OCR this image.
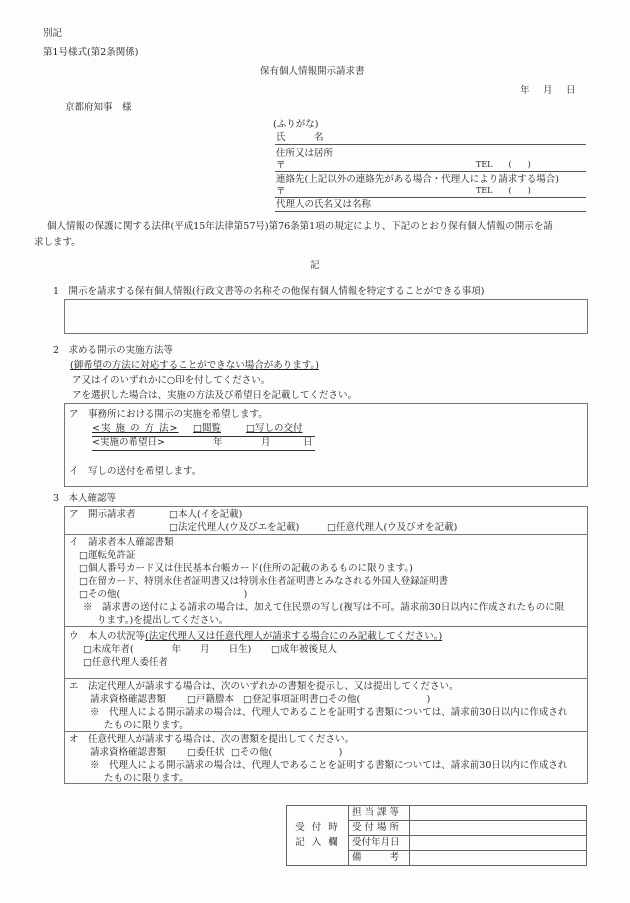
別記
第1号様式(第2条関係)
保有個人情報開示請求書
年　月　日
京都府知事　様
(ふりがな)
氏　　　名
住所又は居所
〒	TEL　　(　　)
連絡先(上記以外の連絡先がある場合・代理人により請求する場合)
〒	TEL　　(　　)
代理人の氏名又は名称
個人情報の保護に関する法律(平成15年法律第57号)第76条第1項の規定により、下記のとおり保有個人情報の開示を請
求します。
記
1　開示を請求する保有個人情報(行政文書等の名称その他保有個人情報を特定することができる事項)
2　求める開示の実施方法等
(御希望の方法に対応することができない場合があります。)
ア又はイのいずれかに○印を付してください。
アを選択した場合は、実施の方法及び希望日を記載してください。
ア　事務所における開示の実施を希望します。
<実 施 の 方 法> □閲覧	□写しの交付
<実施の希望日>	年	月	日
イ　写しの送付を希望します。
3　本人確認等
ア　開示請求者	□本人(イを記載)
□法定代理人(ウ及びエを記載)	□任意代理人(ウ及びオを記載)
イ　請求者本人確認書類
□運転免許証
□個人番号カード又は住民基本台帳カード(住所の記載のあるものに限ります。)
□在留カード、特別永住者証明書又は特別永住者証明書とみなされる外国人登録証明書
□その他(　　　　　　　　　　　　　)
※　請求書の送付による請求の場合は、加えて住民票の写し(複写は不可。請求前30日以内に作成されたものに限
ります。)を提出してください。
ウ　本人の状況等(法定代理人又は任意代理人が請求する場合にのみ記載してください。)
□未成年者(　　　　年　　月　　日生) □成年被後見人
□任意代理人委任者
エ　法定代理人が請求する場合は、次のいずれかの書類を提示し、又は提出してください。
請求資格確認書類 □戸籍謄本 □登記事項証明書 □その他(　　　　　　　)
※　代理人による開示請求の場合は、代理人であることを証明する書類については、請求前30日以内に作成され
たものに限ります。
オ　任意代理人が請求する場合は、次の書類を提出してください。
請求資格確認書類 □委任状 □その他(　　　　　　　)
※　代理人による開示請求の場合は、代理人であることを証明する書類については、請求前30日以内に作成され
たものに限ります。
受 付 時
記 入 欄	担当課等	
	受付場所	
	受付年月日	
	備　　考	
